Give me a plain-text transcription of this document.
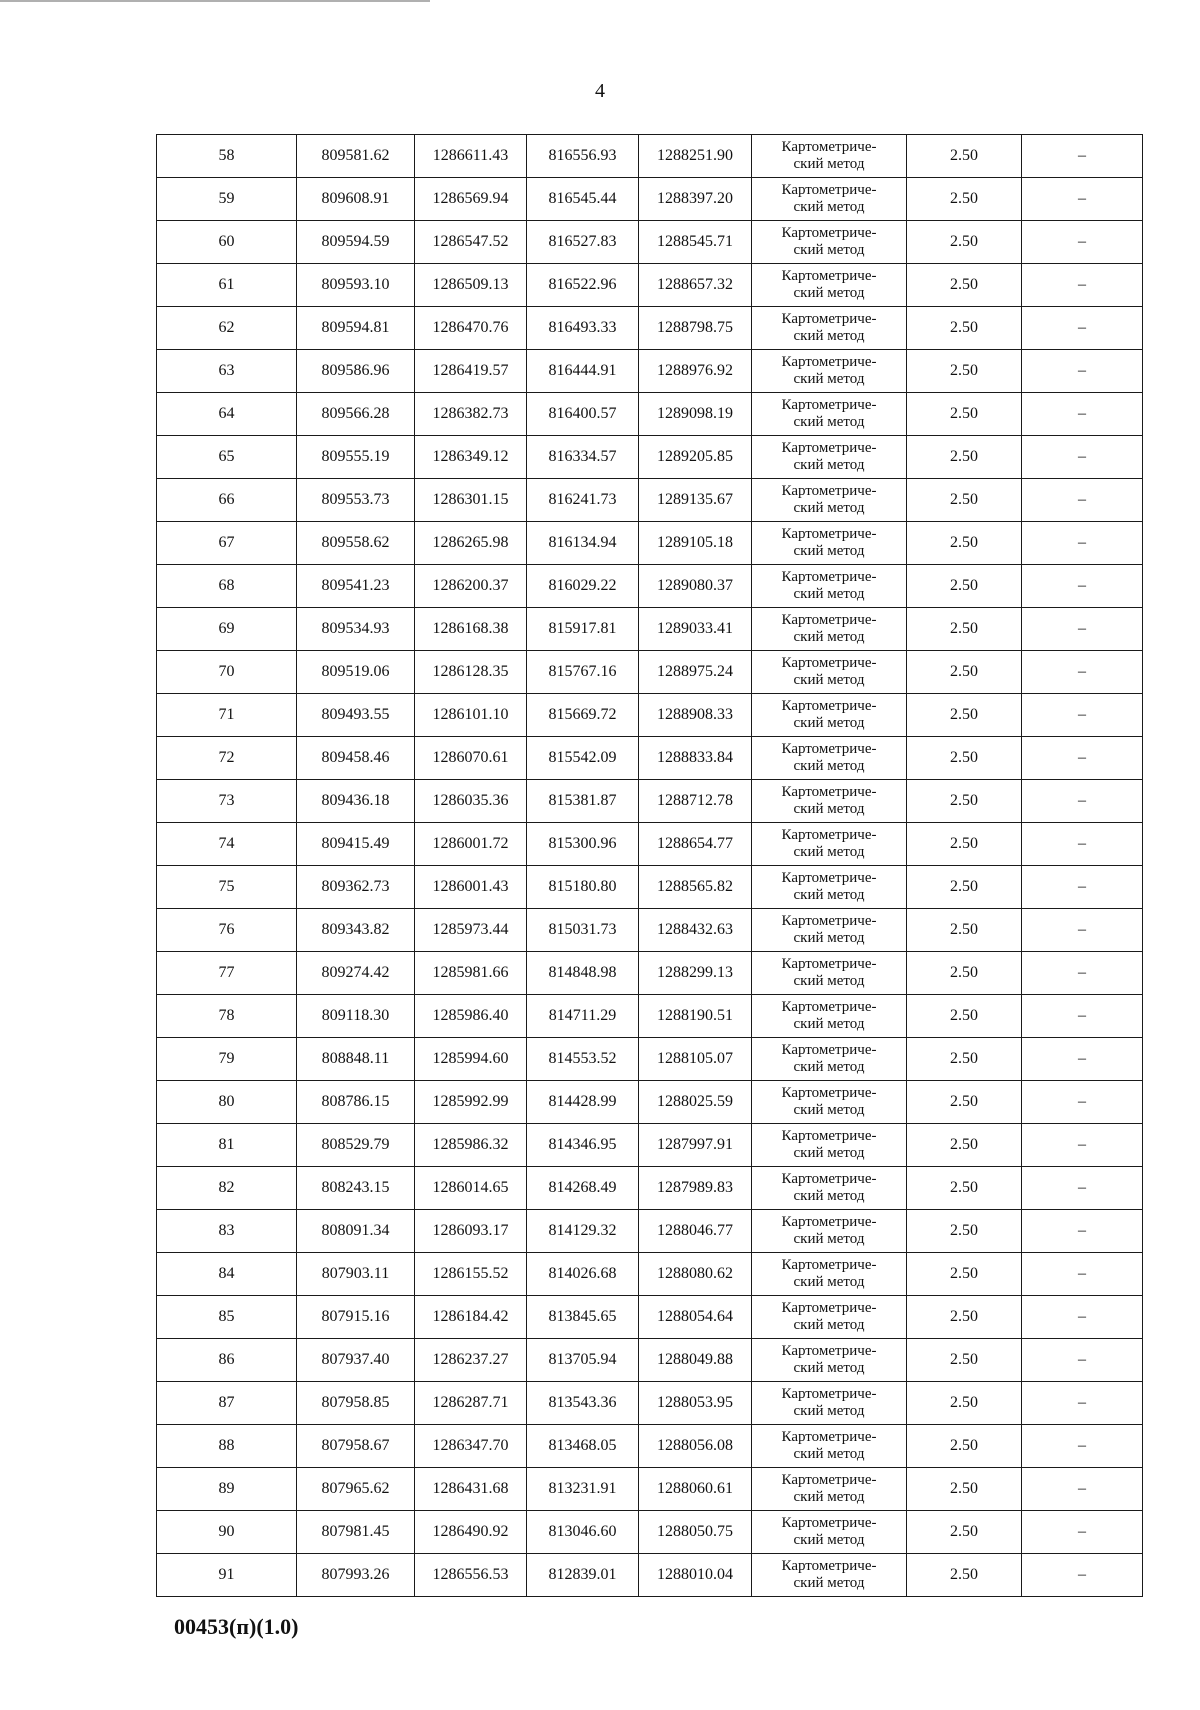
4
58	809581.62	1286611.43	816556.93	1288251.90	Картометриче-
ский метод	2.50	–
59	809608.91	1286569.94	816545.44	1288397.20	Картометриче-
ский метод	2.50	–
60	809594.59	1286547.52	816527.83	1288545.71	Картометриче-
ский метод	2.50	–
61	809593.10	1286509.13	816522.96	1288657.32	Картометриче-
ский метод	2.50	–
62	809594.81	1286470.76	816493.33	1288798.75	Картометриче-
ский метод	2.50	–
63	809586.96	1286419.57	816444.91	1288976.92	Картометриче-
ский метод	2.50	–
64	809566.28	1286382.73	816400.57	1289098.19	Картометриче-
ский метод	2.50	–
65	809555.19	1286349.12	816334.57	1289205.85	Картометриче-
ский метод	2.50	–
66	809553.73	1286301.15	816241.73	1289135.67	Картометриче-
ский метод	2.50	–
67	809558.62	1286265.98	816134.94	1289105.18	Картометриче-
ский метод	2.50	–
68	809541.23	1286200.37	816029.22	1289080.37	Картометриче-
ский метод	2.50	–
69	809534.93	1286168.38	815917.81	1289033.41	Картометриче-
ский метод	2.50	–
70	809519.06	1286128.35	815767.16	1288975.24	Картометриче-
ский метод	2.50	–
71	809493.55	1286101.10	815669.72	1288908.33	Картометриче-
ский метод	2.50	–
72	809458.46	1286070.61	815542.09	1288833.84	Картометриче-
ский метод	2.50	–
73	809436.18	1286035.36	815381.87	1288712.78	Картометриче-
ский метод	2.50	–
74	809415.49	1286001.72	815300.96	1288654.77	Картометриче-
ский метод	2.50	–
75	809362.73	1286001.43	815180.80	1288565.82	Картометриче-
ский метод	2.50	–
76	809343.82	1285973.44	815031.73	1288432.63	Картометриче-
ский метод	2.50	–
77	809274.42	1285981.66	814848.98	1288299.13	Картометриче-
ский метод	2.50	–
78	809118.30	1285986.40	814711.29	1288190.51	Картометриче-
ский метод	2.50	–
79	808848.11	1285994.60	814553.52	1288105.07	Картометриче-
ский метод	2.50	–
80	808786.15	1285992.99	814428.99	1288025.59	Картометриче-
ский метод	2.50	–
81	808529.79	1285986.32	814346.95	1287997.91	Картометриче-
ский метод	2.50	–
82	808243.15	1286014.65	814268.49	1287989.83	Картометриче-
ский метод	2.50	–
83	808091.34	1286093.17	814129.32	1288046.77	Картометриче-
ский метод	2.50	–
84	807903.11	1286155.52	814026.68	1288080.62	Картометриче-
ский метод	2.50	–
85	807915.16	1286184.42	813845.65	1288054.64	Картометриче-
ский метод	2.50	–
86	807937.40	1286237.27	813705.94	1288049.88	Картометриче-
ский метод	2.50	–
87	807958.85	1286287.71	813543.36	1288053.95	Картометриче-
ский метод	2.50	–
88	807958.67	1286347.70	813468.05	1288056.08	Картометриче-
ский метод	2.50	–
89	807965.62	1286431.68	813231.91	1288060.61	Картометриче-
ский метод	2.50	–
90	807981.45	1286490.92	813046.60	1288050.75	Картометриче-
ский метод	2.50	–
91	807993.26	1286556.53	812839.01	1288010.04	Картометриче-
ский метод	2.50	–
00453(п)(1.0)
